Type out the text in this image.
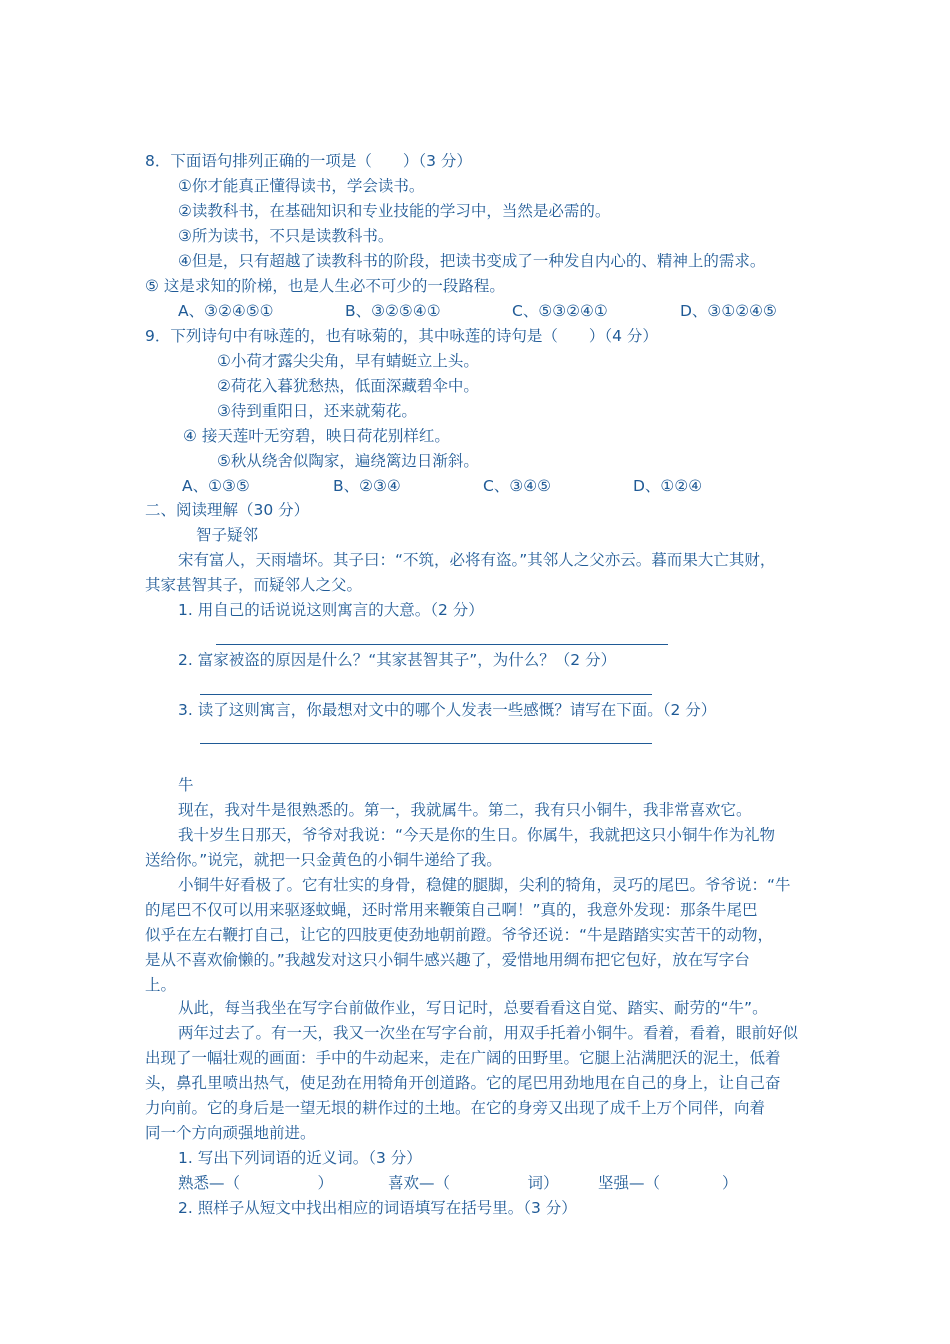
8．下面语句排列正确的一项是（　　）（3 分）
①你才能真正懂得读书，学会读书。
②读教科书，在基础知识和专业技能的学习中，当然是必需的。
③所为读书，不只是读教科书。
④但是，只有超越了读教科书的阶段，把读书变成了一种发自内心的、精神上的需求。
⑤ 这是求知的阶梯，也是人生必不可少的一段路程。
A、③②④⑤①	B、③②⑤④①	C、⑤③②④①	D、③①②④⑤
9．下列诗句中有咏莲的，也有咏菊的，其中咏莲的诗句是（　　）（4 分）
①小荷才露尖尖角，早有蜻蜓立上头。
②荷花入暮犹愁热，低面深藏碧伞中。
③待到重阳日，还来就菊花。
④ 接天莲叶无穷碧，映日荷花别样红。
⑤秋从绕舍似陶家，遍绕篱边日渐斜。
A、①③⑤	B、②③④	C、③④⑤	D、①②④
二、阅读理解（30 分）
智子疑邻
宋有富人，天雨墙坏。其子曰：“不筑，必将有盗。”其邻人之父亦云。暮而果大亡其财，
其家甚智其子，而疑邻人之父。
1. 用自己的话说说这则寓言的大意。（2 分）
2. 富家被盗的原因是什么？“其家甚智其子”，为什么？（2 分）
3. 读了这则寓言，你最想对文中的哪个人发表一些感慨？请写在下面。（2 分）
牛
现在，我对牛是很熟悉的。第一，我就属牛。第二，我有只小铜牛，我非常喜欢它。
我十岁生日那天，爷爷对我说：“今天是你的生日。你属牛，我就把这只小铜牛作为礼物
送给你。”说完，就把一只金黄色的小铜牛递给了我。
小铜牛好看极了。它有壮实的身骨，稳健的腿脚，尖利的犄角，灵巧的尾巴。爷爷说：“牛
的尾巴不仅可以用来驱逐蚊蝇，还时常用来鞭策自己啊！”真的，我意外发现：那条牛尾巴
似乎在左右鞭打自己，让它的四肢更使劲地朝前蹬。爷爷还说：“牛是踏踏实实苦干的动物，
是从不喜欢偷懒的。”我越发对这只小铜牛感兴趣了，爱惜地用绸布把它包好，放在写字台
上。
从此，每当我坐在写字台前做作业，写日记时，总要看看这自觉、踏实、耐劳的“牛”。
两年过去了。有一天，我又一次坐在写字台前，用双手托着小铜牛。看着，看着，眼前好似
出现了一幅壮观的画面：手中的牛动起来，走在广阔的田野里。它腿上沾满肥沃的泥土，低着
头，鼻孔里喷出热气，使足劲在用犄角开创道路。它的尾巴用劲地甩在自己的身上，让自己奋
力向前。它的身后是一望无垠的耕作过的土地。在它的身旁又出现了成千上万个同伴，向着
同一个方向顽强地前进。
1. 写出下列词语的近义词。（3 分）
熟悉—（　　　　　）	喜欢—（　　　　　词）	坚强—（　　　　）
2. 照样子从短文中找出相应的词语填写在括号里。（3 分）
